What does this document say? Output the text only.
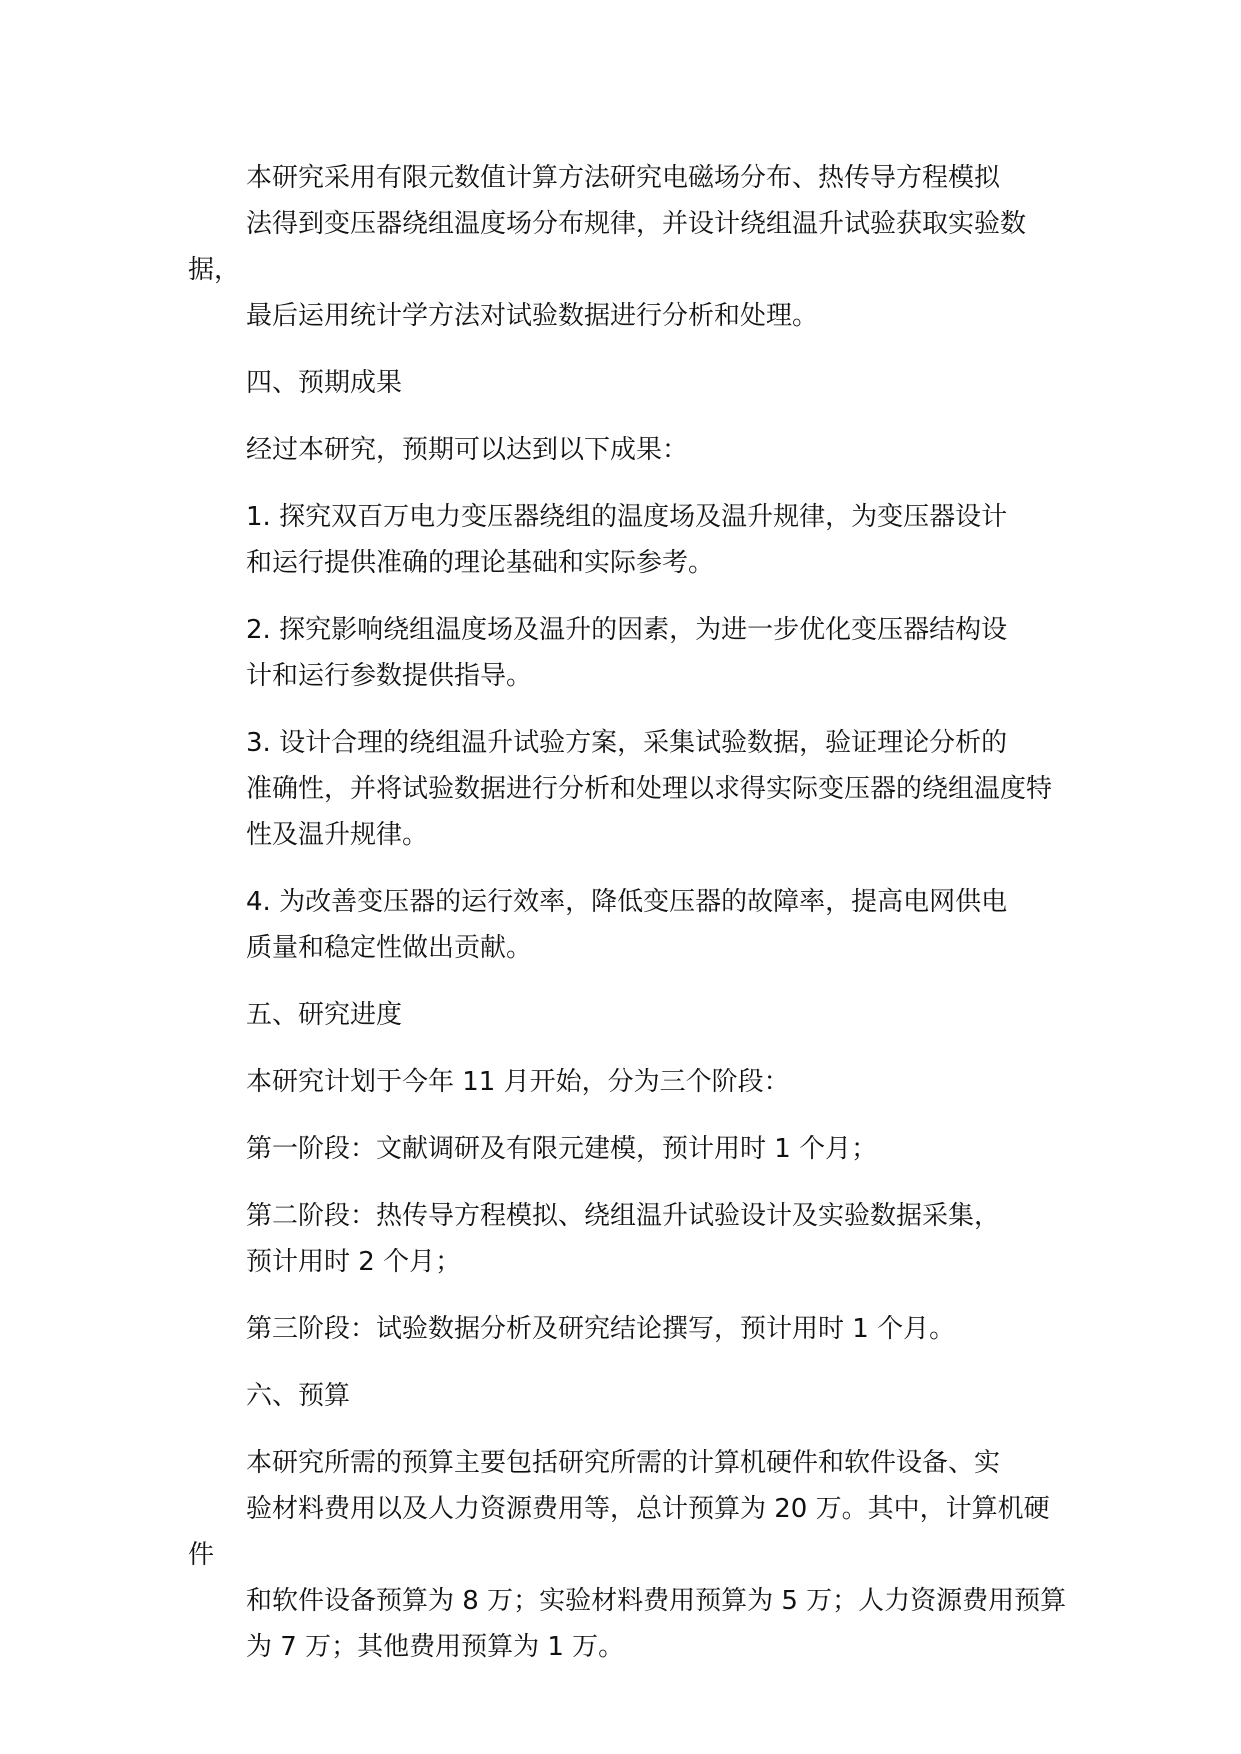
本研究采用有限元数值计算方法研究电磁场分布、热传导方程模拟
法得到变压器绕组温度场分布规律，并设计绕组温升试验获取实验数据，
最后运用统计学方法对试验数据进行分析和处理。

四、预期成果

经过本研究，预期可以达到以下成果：

1. 探究双百万电力变压器绕组的温度场及温升规律，为变压器设计
和运行提供准确的理论基础和实际参考。

2. 探究影响绕组温度场及温升的因素，为进一步优化变压器结构设
计和运行参数提供指导。

3. 设计合理的绕组温升试验方案，采集试验数据，验证理论分析的
准确性，并将试验数据进行分析和处理以求得实际变压器的绕组温度特
性及温升规律。

4. 为改善变压器的运行效率，降低变压器的故障率，提高电网供电
质量和稳定性做出贡献。

五、研究进度

本研究计划于今年 11 月开始，分为三个阶段：

第一阶段：文献调研及有限元建模，预计用时 1 个月；

第二阶段：热传导方程模拟、绕组温升试验设计及实验数据采集，
预计用时 2 个月；

第三阶段：试验数据分析及研究结论撰写，预计用时 1 个月。

六、预算

本研究所需的预算主要包括研究所需的计算机硬件和软件设备、实
验材料费用以及人力资源费用等，总计预算为 20 万。其中，计算机硬件
和软件设备预算为 8 万；实验材料费用预算为 5 万；人力资源费用预算
为 7 万；其他费用预算为 1 万。
